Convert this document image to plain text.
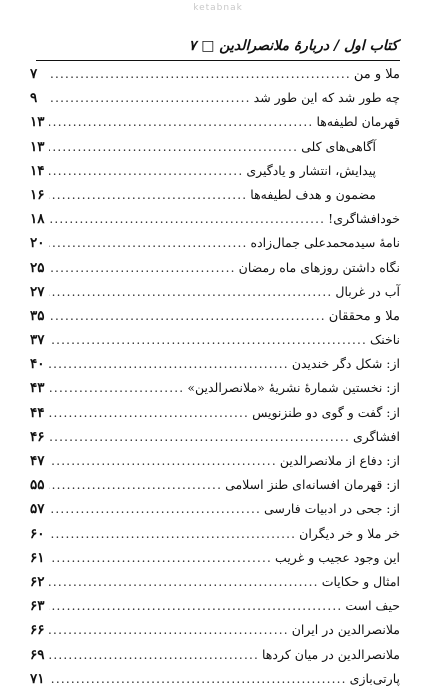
ketabnak
کتاب اول / دربارهٔ ملانصرالدین □ ۷
ملا و من
.....
۷
چه طور شد که این طور شد
.....
۹
قهرمان لطیفه‌ها
.....
۱۳
آگاهی‌های کلی
.....
۱۳
پیدایش، انتشار و یادگیری
.....
۱۴
مضمون و هدف لطیفه‌ها
.....
۱۶
خودافشاگری!
.....
۱۸
نامهٔ سیدمحمدعلی جمال‌زاده
.....
۲۰
نگاه داشتن روزهای ماه رمضان
.....
۲۵
آب در غربال
.....
۲۷
ملا و محققان
.....
۳۵
ناخنک
.....
۳۷
از: شکل دگر خندیدن
.....
۴۰
از: نخستین شمارهٔ نشریهٔ «ملانصرالدین»
.....
۴۳
از: گفت و گوی دو طنزنویس
.....
۴۴
افشاگری
.....
۴۶
از: دفاع از ملانصرالدین
.....
۴۷
از: قهرمان افسانه‌ای طنز اسلامی
.....
۵۵
از: جحی در ادبیات فارسی
.....
۵۷
خر ملا و خر دیگران
.....
۶۰
این وجود عجیب و غریب
.....
۶۱
امثال و حکایات
.....
۶۲
حیف است
.....
۶۳
ملانصرالدین در ایران
.....
۶۶
ملانصرالدین در میان کردها
.....
۶۹
پارتی‌بازی
.....
۷۱
